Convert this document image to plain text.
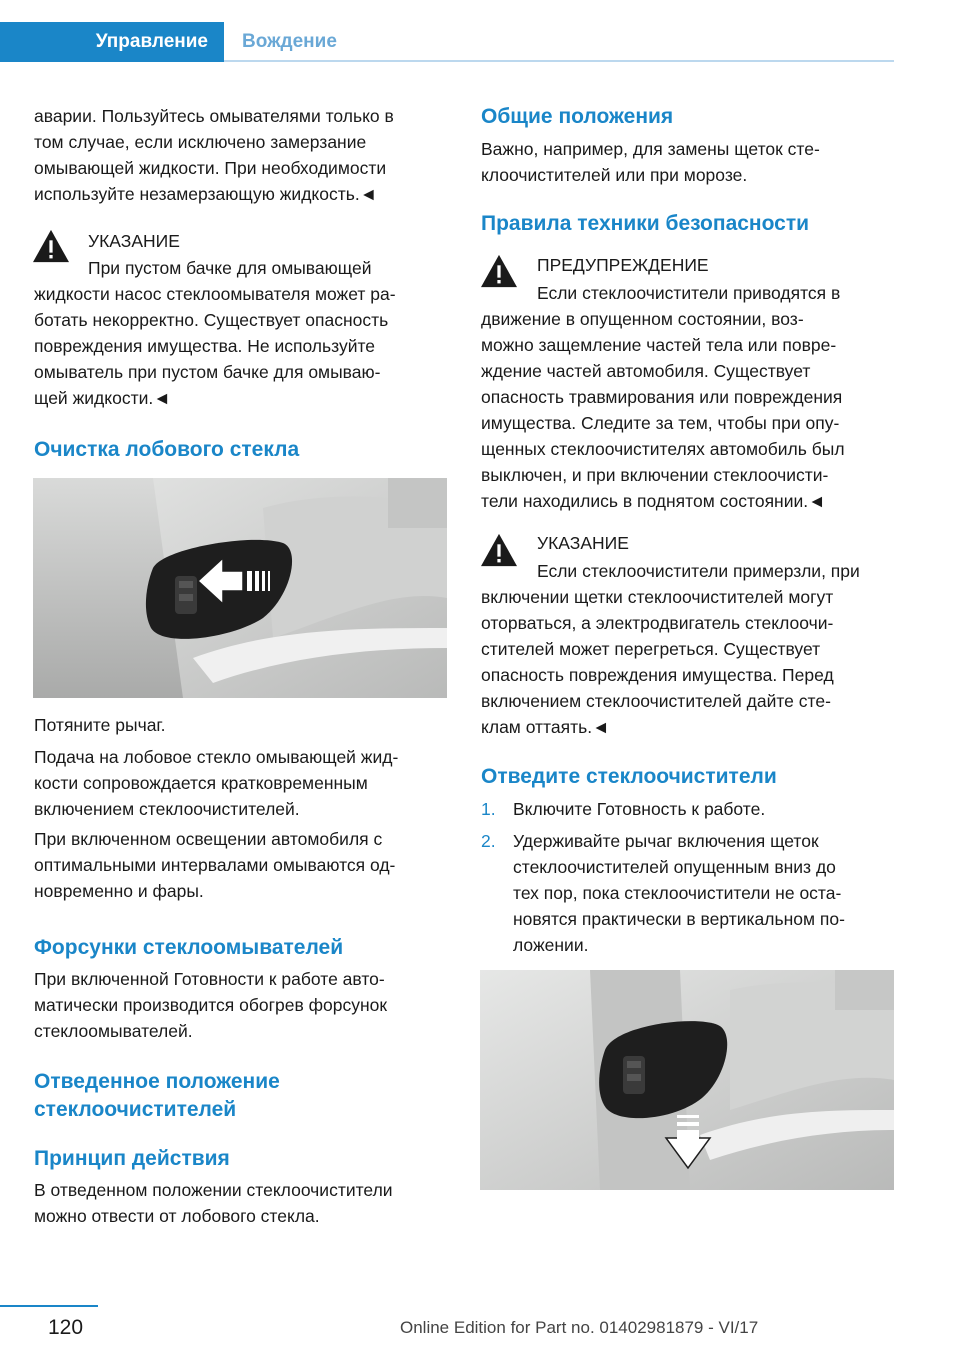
Управление	Вождение

аварии. Пользуйтесь омывателями только в

том случае, если исключено замерзание

омывающей жидкости. При необходимости

используйте незамерзающую жидкость.◄

УКАЗАНИЕ

При пустом бачке для омывающей

жидкости насос стеклоомывателя может ра-

ботать некорректно. Существует опасность

повреждения имущества. Не используйте

омыватель при пустом бачке для омываю-

щей жидкости.◄

Очистка лобового стекла

Потяните рычаг.

Подача на лобовое стекло омывающей жид-

кости сопровождается кратковременным

включением стеклоочистителей.

При включенном освещении автомобиля с

оптимальными интервалами омываются од-

новременно и фары.

Форсунки стеклоомывателей

При включенной Готовности к работе авто-

матически производится обогрев форсунок

стеклоомывателей.

Отведенное положение
стеклоочистителей
Принцип действия

В отведенном положении стеклоочистители

можно отвести от лобового стекла.

Общие положения

Важно, например, для замены щеток сте-

клоочистителей или при морозе.

Правила техники безопасности

ПРЕДУПРЕЖДЕНИЕ

Если стеклоочистители приводятся в

движение в опущенном состоянии, воз-

можно защемление частей тела или повре-

ждение частей автомобиля. Существует

опасность травмирования или повреждения

имущества. Следите за тем, чтобы при опу-

щенных стеклоочистителях автомобиль был

выключен, и при включении стеклоочисти-

тели находились в поднятом состоянии.◄

УКАЗАНИЕ

Если стеклоочистители примерзли, при

включении щетки стеклоочистителей могут

оторваться, а электродвигатель стеклоочи-

стителей может перегреться. Существует

опасность повреждения имущества. Перед

включением стеклоочистителей дайте сте-

клам оттаять.◄

Отведите стеклоочистители
1. Включите Готовность к работе.

2. Удерживайте рычаг включения щеток

стеклоочистителей опущенным вниз до

тех пор, пока стеклоочистители не оста-

новятся практически в вертикальном по-

ложении.

120	Online Edition for Part no. 01402981879 - VI/17
